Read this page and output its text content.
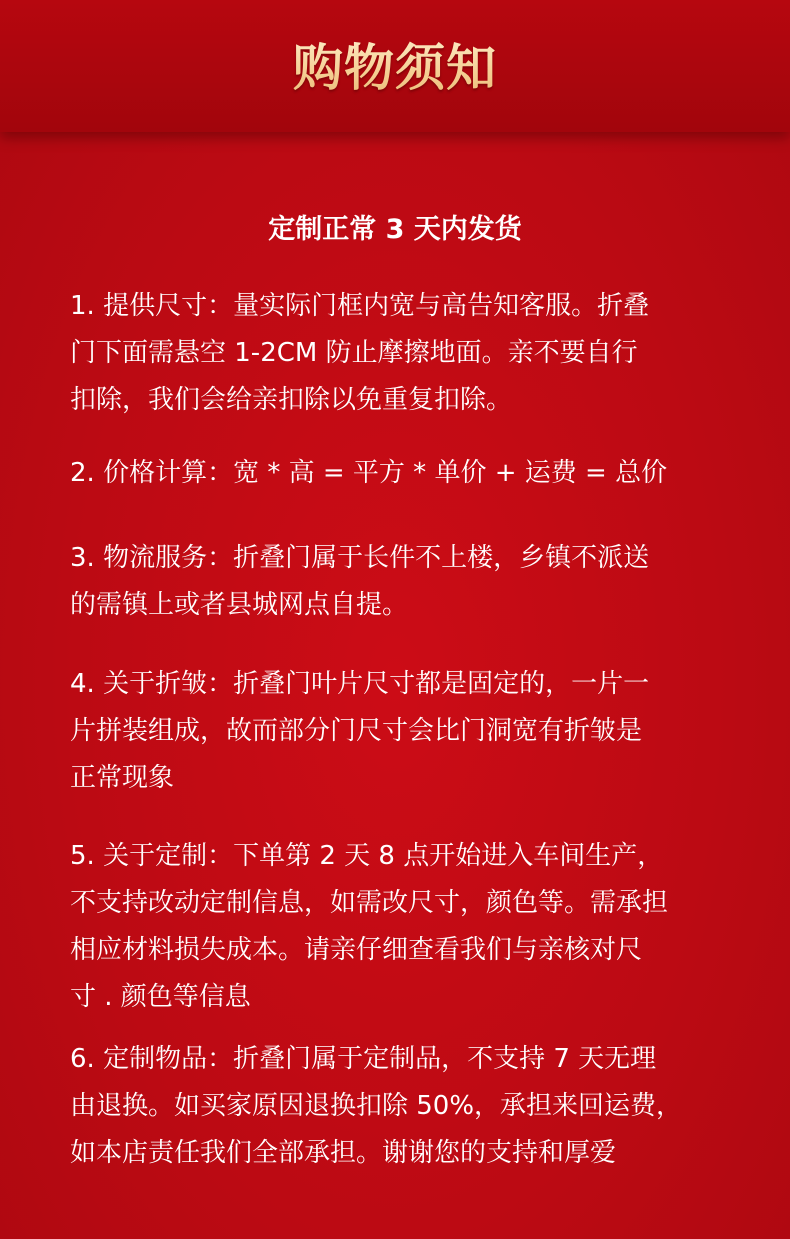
购物须知
定制正常 3 天内发货
1. 提供尺寸：量实际门框内宽与高告知客服。折叠
门下面需悬空 1-2CM 防止摩擦地面。亲不要自行
扣除，我们会给亲扣除以免重复扣除。
2. 价格计算：宽 * 高 = 平方 * 单价 + 运费 = 总价
3. 物流服务：折叠门属于长件不上楼，乡镇不派送
的需镇上或者县城网点自提。
4. 关于折皱：折叠门叶片尺寸都是固定的，一片一
片拼装组成，故而部分门尺寸会比门洞宽有折皱是
正常现象
5. 关于定制：下单第 2 天 8 点开始进入车间生产，
不支持改动定制信息，如需改尺寸，颜色等。需承担
相应材料损失成本。请亲仔细查看我们与亲核对尺
寸 . 颜色等信息
6. 定制物品：折叠门属于定制品，不支持 7 天无理
由退换。如买家原因退换扣除 50%，承担来回运费，
如本店责任我们全部承担。谢谢您的支持和厚爱
